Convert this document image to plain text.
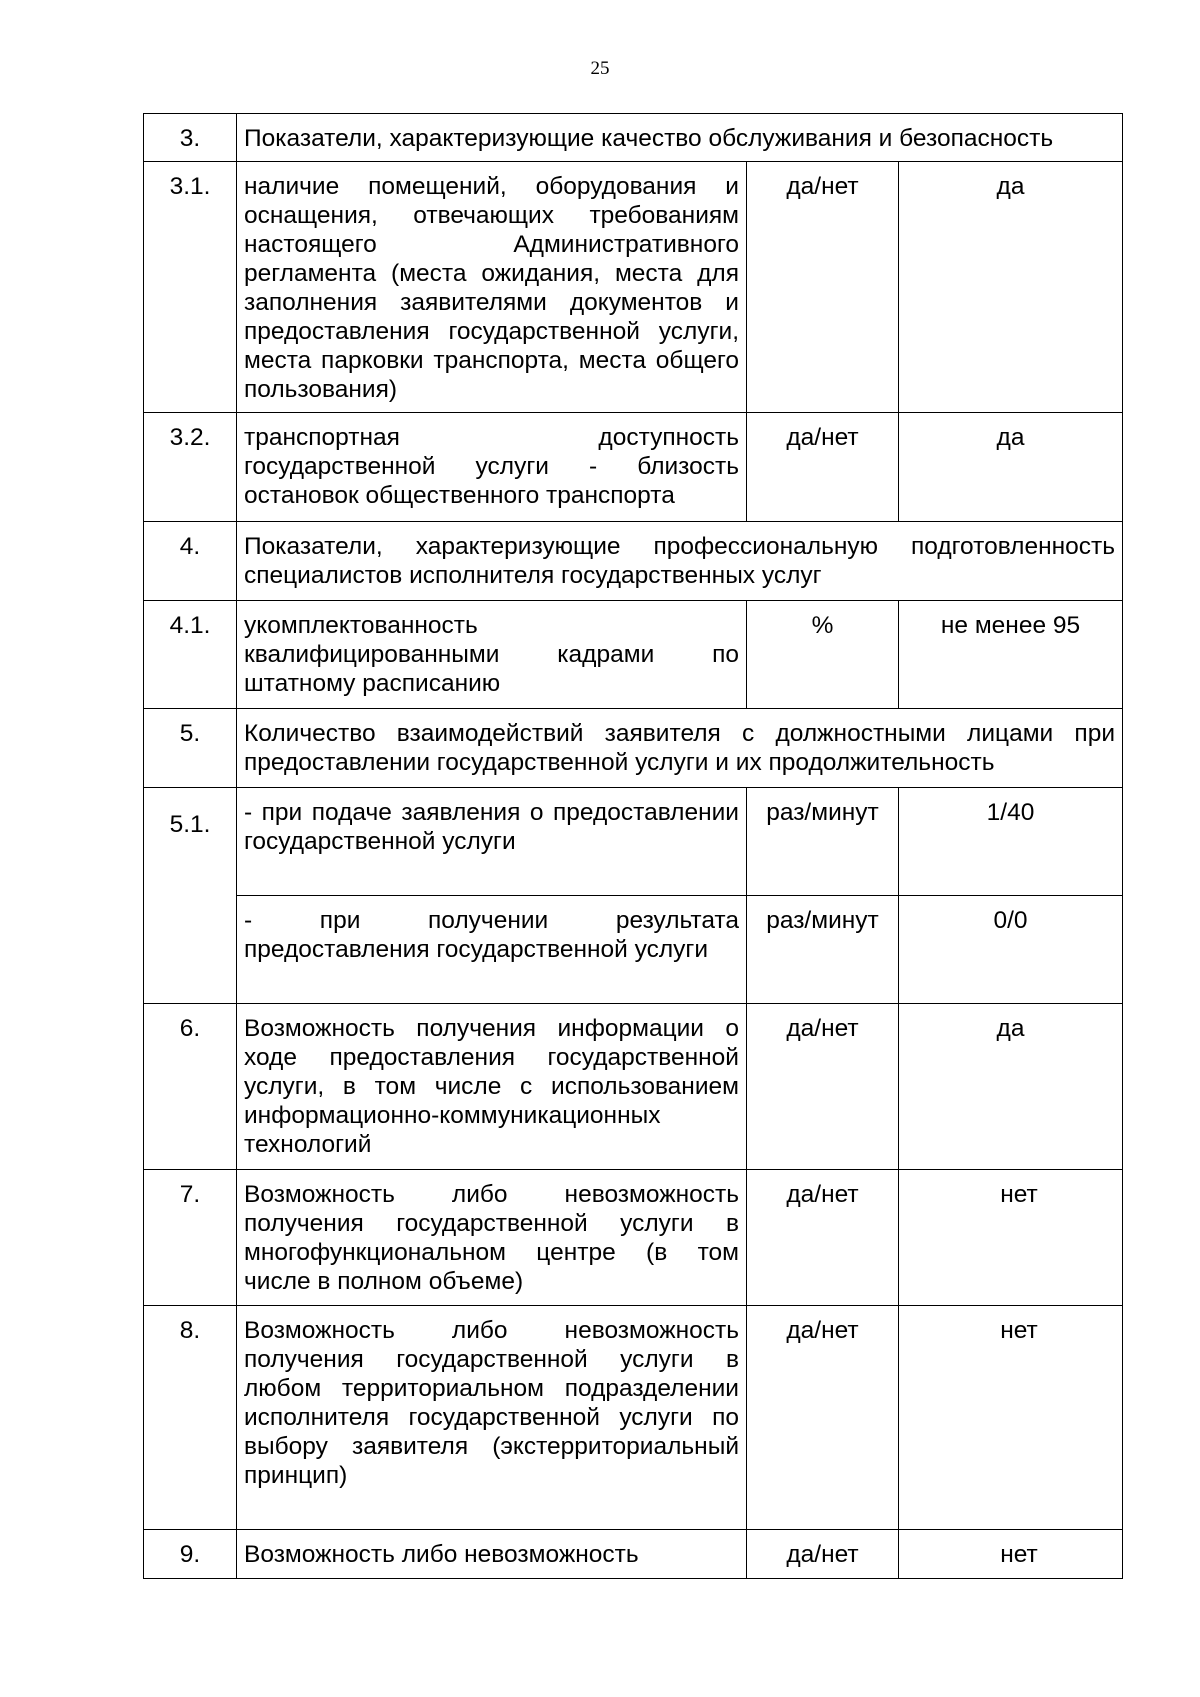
25
3.	Показатели, характеризующие качество обслуживания и безопасность		
3.1.	наличие помещений, оборудования и оснащения, отвечающих требованиям настоящего Административного регламента (места ожидания, места для заполнения заявителями документов и предоставления государственной услуги, места парковки транспорта, места общего пользования)	да/нет	да
3.2.	транспортная доступность государственной услуги - близость остановок общественного транспорта	да/нет	да
4.	Показатели, характеризующие профессиональную подготовленность специалистов исполнителя государственных услуг		
4.1.	укомплектованность квалифицированными кадрами по штатному расписанию	%	не менее 95
5.	Количество взаимодействий заявителя с должностными лицами при предоставлении государственной услуги и их продолжительность		
5.1.	- при подаче заявления о предоставлении государственной услуги	раз/минут	1/40
	- при получении результата предоставления государственной услуги	раз/минут	0/0
6.	Возможность получения информации о ходе предоставления государственной услуги, в том числе с использованием информационно-коммуникационных технологий	да/нет	да
7.	Возможность либо невозможность получения государственной услуги в многофункциональном центре (в том числе в полном объеме)	да/нет	нет
8.	Возможность либо невозможность получения государственной услуги в любом территориальном подразделении исполнителя государственной услуги по выбору заявителя (экстерриториальный принцип)	да/нет	нет
9.	Возможность либо невозможность	да/нет	нет
